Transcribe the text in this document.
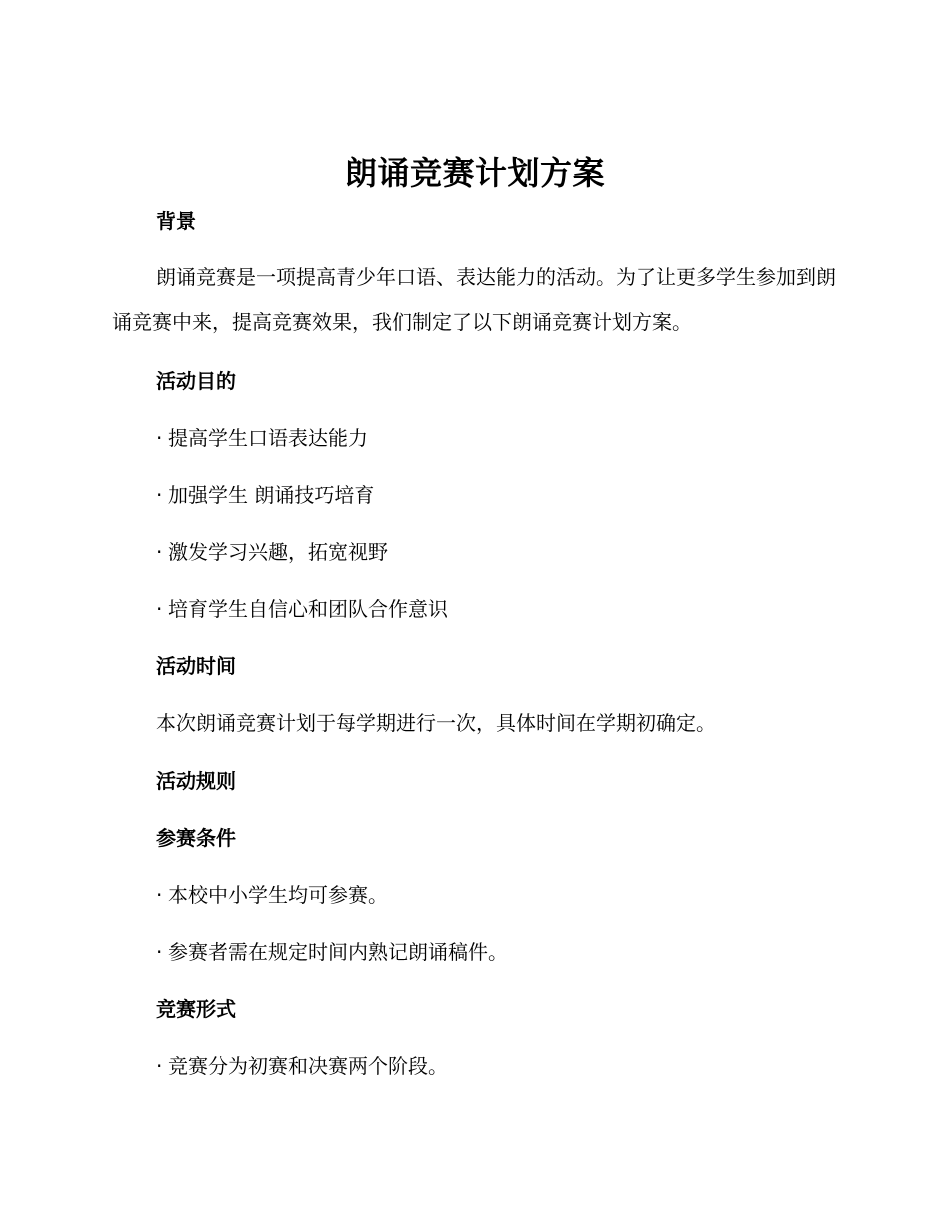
朗诵竞赛计划方案
背景

朗诵竞赛是一项提高青少年口语、表达能力的活动。为了让更多学生参加到朗诵竞赛中来，提高竞赛效果，我们制定了以下朗诵竞赛计划方案。

活动目的

· 提高学生口语表达能力

· 加强学生 朗诵技巧培育

· 激发学习兴趣，拓宽视野

· 培育学生自信心和团队合作意识

活动时间

本次朗诵竞赛计划于每学期进行一次，具体时间在学期初确定。

活动规则
参赛条件

· 本校中小学生均可参赛。

· 参赛者需在规定时间内熟记朗诵稿件。

竞赛形式

· 竞赛分为初赛和决赛两个阶段。
